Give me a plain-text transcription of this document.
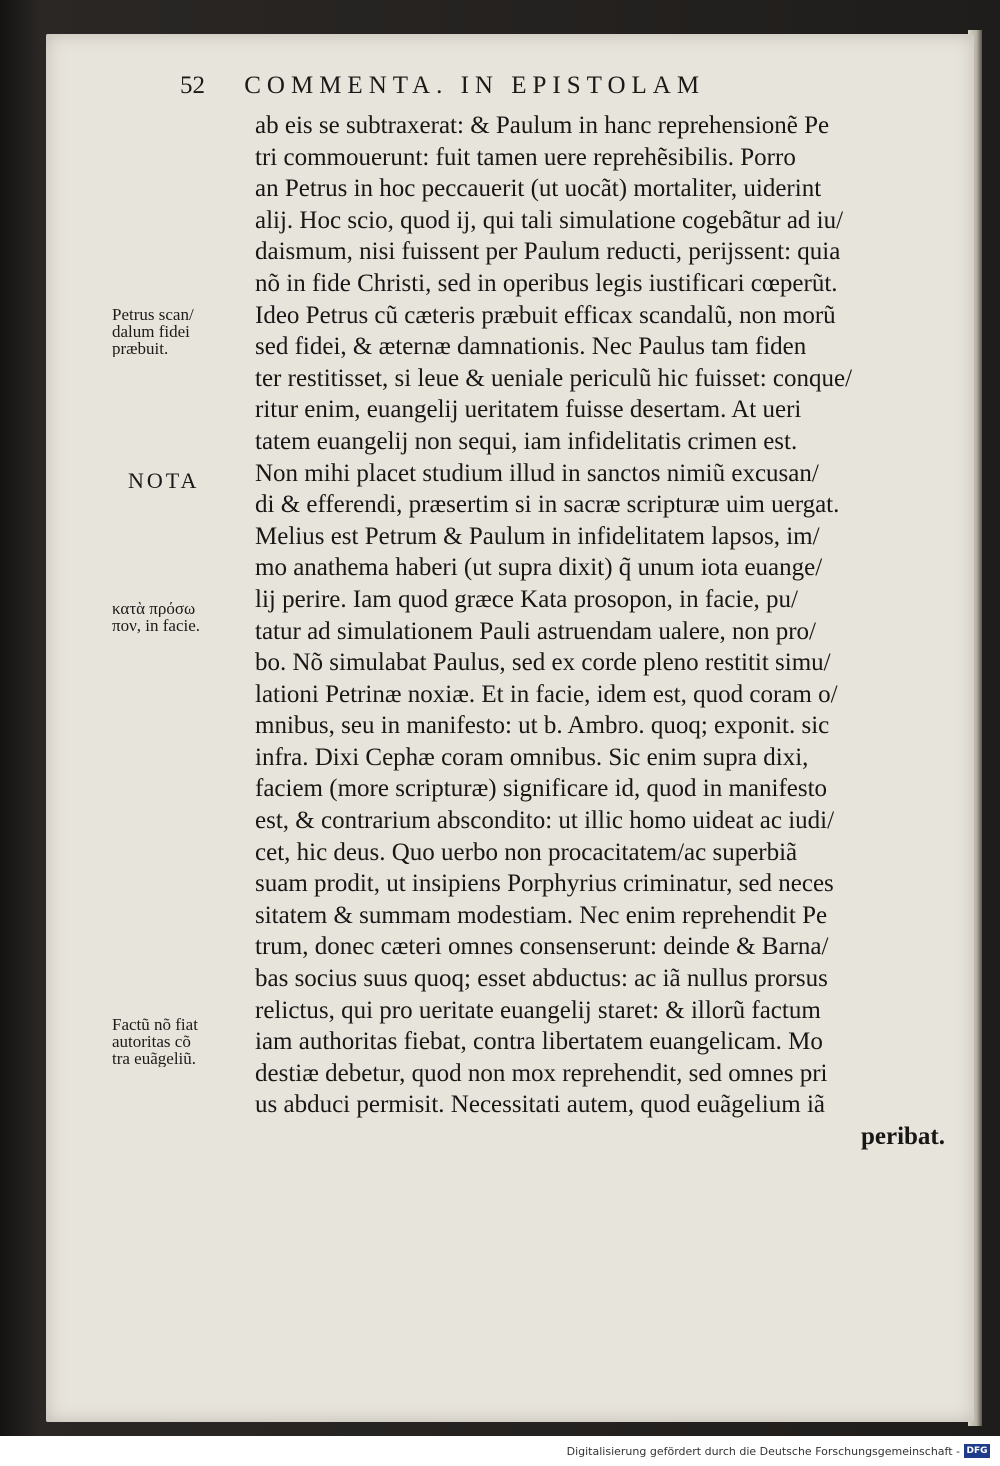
52 COMMENTA. IN EPISTOLAM
ab eis se subtraxerat: & Paulum in hanc reprehensionẽ Pe
tri commouerunt: fuit tamen uere reprehẽsibilis. Porro
an Petrus in hoc peccauerit (ut uocãt) mortaliter, uiderint
alij. Hoc scio, quod ij, qui tali simulatione cogebãtur ad iu/
daismum, nisi fuissent per Paulum reducti, perijssent: quia
nõ in fide Christi, sed in operibus legis iustificari cœperũt.
Ideo Petrus cũ cæteris præbuit efficax scandalũ, non morũ
sed fidei, & æternæ damnationis. Nec Paulus tam fiden
ter restitisset, si leue & ueniale periculũ hic fuisset: conque/
ritur enim, euangelij ueritatem fuisse desertam. At ueri
tatem euangelij non sequi, iam infidelitatis crimen est.
Non mihi placet studium illud in sanctos nimiũ excusan/
di & efferendi, præsertim si in sacræ scripturæ uim uergat.
Melius est Petrum & Paulum in infidelitatem lapsos, im/
mo anathema haberi (ut supra dixit) q̃ unum iota euange/
lij perire. Iam quod græce Kata prosopon, in facie, pu/
tatur ad simulationem Pauli astruendam ualere, non pro/
bo. Nõ simulabat Paulus, sed ex corde pleno restitit simu/
lationi Petrinæ noxiæ. Et in facie, idem est, quod coram o/
mnibus, seu in manifesto: ut b. Ambro. quoq; exponit. sic
infra. Dixi Cephæ coram omnibus. Sic enim supra dixi,
faciem (more scripturæ) significare id, quod in manifesto
est, & contrarium abscondito: ut illic homo uideat ac iudi/
cet, hic deus. Quo uerbo non procacitatem/ac superbiã
suam prodit, ut insipiens Porphyrius criminatur, sed neces
sitatem & summam modestiam. Nec enim reprehendit Pe
trum, donec cæteri omnes consenserunt: deinde & Barna/
bas socius suus quoq; esset abductus: ac iã nullus prorsus
relictus, qui pro ueritate euangelij staret: & illorũ factum
iam authoritas fiebat, contra libertatem euangelicam. Mo
destiæ debetur, quod non mox reprehendit, sed omnes pri
us abduci permisit. Necessitati autem, quod euãgelium iã
peribat.
Petrus scan/
dalum fidei
præbuit.
NOTA
κατὰ πρόσω
πον, in facie.
Factũ nõ fiat
autoritas cõ
tra euãgeliũ.
Digitalisierung gefördert durch die Deutsche Forschungsgemeinschaft - DFG
